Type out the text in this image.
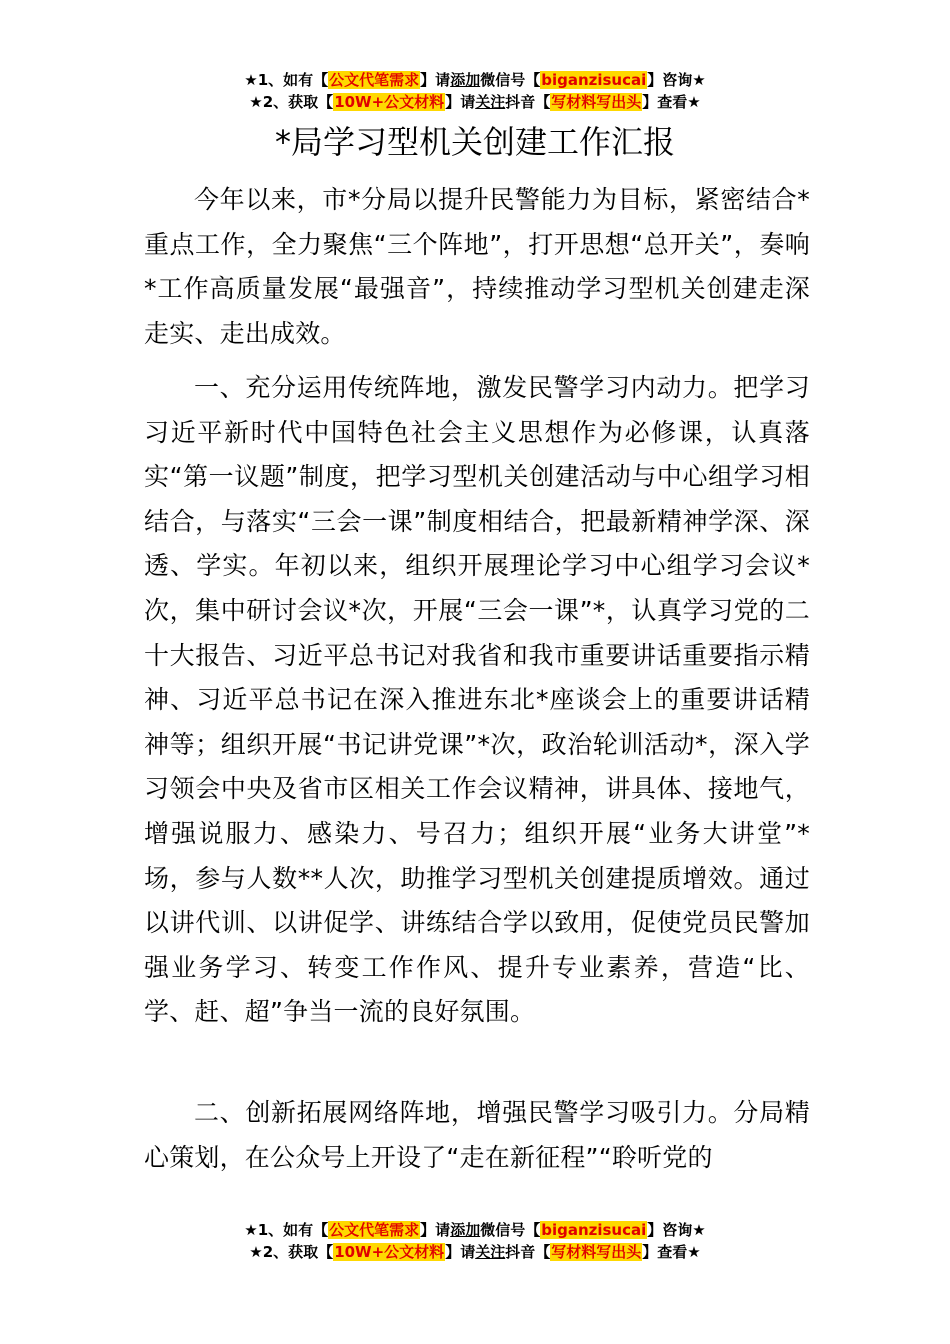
★1、如有【公文代笔需求】请添加微信号【biganzisucai】咨询★
★2、获取【10W+公文材料】请关注抖音【写材料写出头】查看★
*局学习型机关创建工作汇报

今年以来，市*分局以提升民警能力为目标，紧密结合*重点工作，全力聚焦“三个阵地”，打开思想“总开关”，奏响*工作高质量发展“最强音”，持续推动学习型机关创建走深走实、走出成效。

一、充分运用传统阵地，激发民警学习内动力。把学习习近平新时代中国特色社会主义思想作为必修课，认真落实“第一议题”制度，把学习型机关创建活动与中心组学习相结合，与落实“三会一课”制度相结合，把最新精神学深、深透、学实。年初以来，组织开展理论学习中心组学习会议*次，集中研讨会议*次，开展“三会一课”*，认真学习党的二十大报告、习近平总书记对我省和我市重要讲话重要指示精神、习近平总书记在深入推进东北*座谈会上的重要讲话精神等；组织开展“书记讲党课”*次，政治轮训活动*，深入学习领会中央及省市区相关工作会议精神，讲具体、接地气，增强说服力、感染力、号召力；组织开展“业务大讲堂”*场，参与人数**人次，助推学习型机关创建提质增效。通过以讲代训、以讲促学、讲练结合学以致用，促使党员民警加强业务学习、转变工作作风、提升专业素养，营造“比、学、赶、超”争当一流的良好氛围。

二、创新拓展网络阵地，增强民警学习吸引力。分局精心策划，在公众号上开设了“走在新征程”“聆听党的

★1、如有【公文代笔需求】请添加微信号【biganzisucai】咨询★
★2、获取【10W+公文材料】请关注抖音【写材料写出头】查看★
